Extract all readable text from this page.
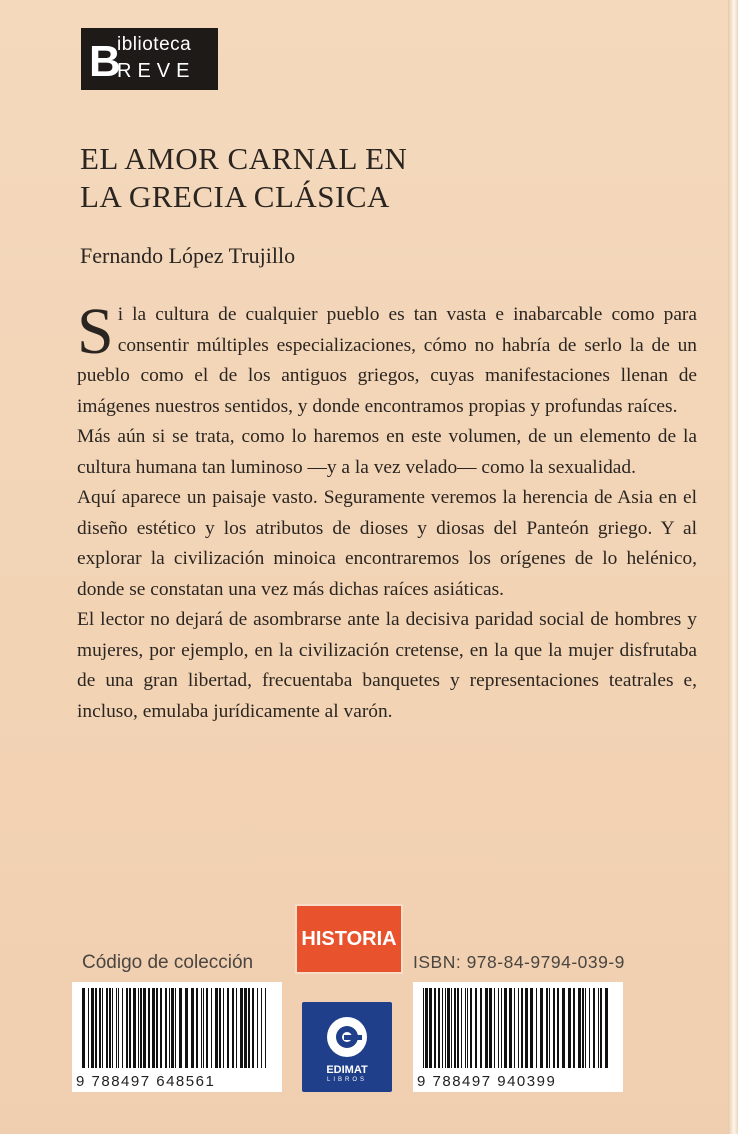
B
iblioteca
REVE
EL AMOR CARNAL EN
LA GRECIA CLÁSICA
Fernando López Trujillo

Si la cultura de cualquier pueblo es tan vasta e inabarcable como para consentir múltiples especializaciones, cómo no habría de serlo la de un pueblo como el de los antiguos griegos, cuyas manifestaciones llenan de imágenes nuestros sentidos, y donde encontramos propias y profundas raíces.

Más aún si se trata, como lo haremos en este volumen, de un elemento de la cultura humana tan luminoso —y a la vez velado— como la sexualidad.

Aquí aparece un paisaje vasto. Seguramente veremos la herencia de Asia en el diseño estético y los atributos de dioses y diosas del Panteón griego. Y al explorar la civilización minoica encontraremos los orígenes de lo helénico, donde se constatan una vez más dichas raíces asiáticas.

El lector no dejará de asombrarse ante la decisiva paridad social de hombres y mujeres, por ejemplo, en la civilización cretense, en la que la mujer disfrutaba de una gran libertad, frecuentaba banquetes y representaciones teatrales e, incluso, emulaba jurídicamente al varón.

HISTORIA
Código de colección	ISBN: 978-84-9794-039-9
9 788497 648561
EDIMAT
LIBROS	9 788497 940399
